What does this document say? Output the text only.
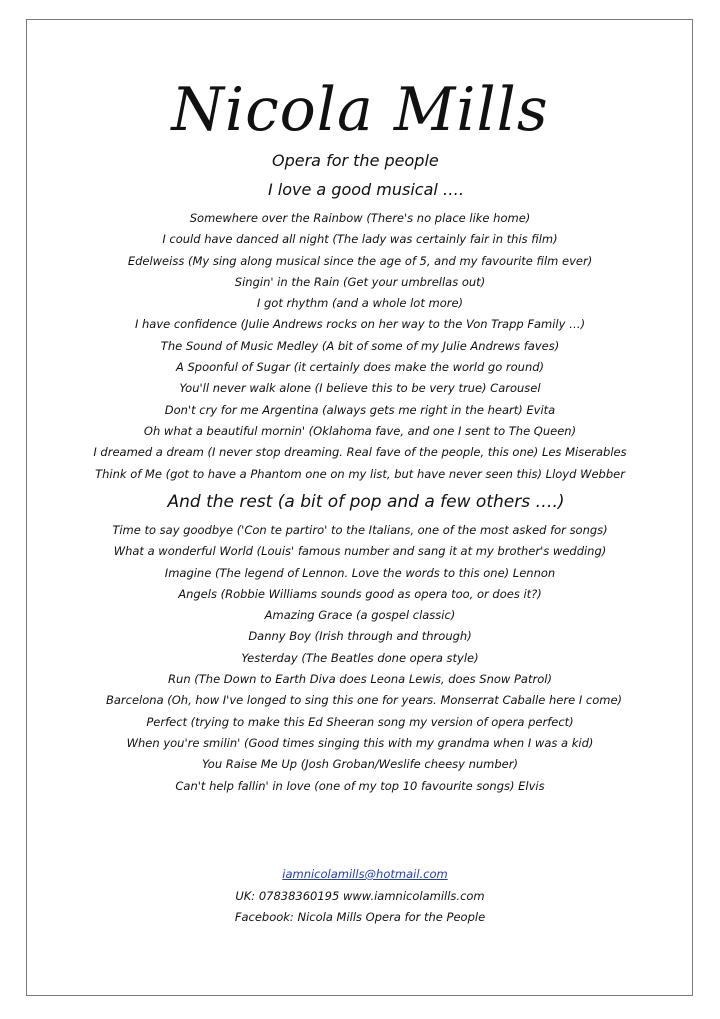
Nicola Mills
Opera for the people
I love a good musical ….
Somewhere over the Rainbow (There's no place like home)
I could have danced all night (The lady was certainly fair in this film)
Edelweiss (My sing along musical since the age of 5, and my favourite film ever)
Singin' in the Rain (Get your umbrellas out)
I got rhythm (and a whole lot more)
I have confidence (Julie Andrews rocks on her way to the Von Trapp Family …)
The Sound of Music Medley (A bit of some of my Julie Andrews faves)
A Spoonful of Sugar (it certainly does make the world go round)
You'll never walk alone (I believe this to be very true) Carousel
Don't cry for me Argentina (always gets me right in the heart) Evita
Oh what a beautiful mornin' (Oklahoma fave, and one I sent to The Queen)
I dreamed a dream (I never stop dreaming. Real fave of the people, this one) Les Miserables
Think of Me (got to have a Phantom one on my list, but have never seen this) Lloyd Webber
And the rest (a bit of pop and a few others ….)
Time to say goodbye ('Con te partiro' to the Italians, one of the most asked for songs)
What a wonderful World (Louis' famous number and sang it at my brother's wedding)
Imagine (The legend of Lennon. Love the words to this one) Lennon
Angels (Robbie Williams sounds good as opera too, or does it?)
Amazing Grace (a gospel classic)
Danny Boy (Irish through and through)
Yesterday (The Beatles done opera style)
Run (The Down to Earth Diva does Leona Lewis, does Snow Patrol)
Barcelona (Oh, how I've longed to sing this one for years. Monserrat Caballe here I come)
Perfect (trying to make this Ed Sheeran song my version of opera perfect)
When you're smilin' (Good times singing this with my grandma when I was a kid)
You Raise Me Up (Josh Groban/Weslife cheesy number)
Can't help fallin' in love (one of my top 10 favourite songs) Elvis
iamnicolamills@hotmail.com
UK: 07838360195 www.iamnicolamills.com
Facebook: Nicola Mills Opera for the People
